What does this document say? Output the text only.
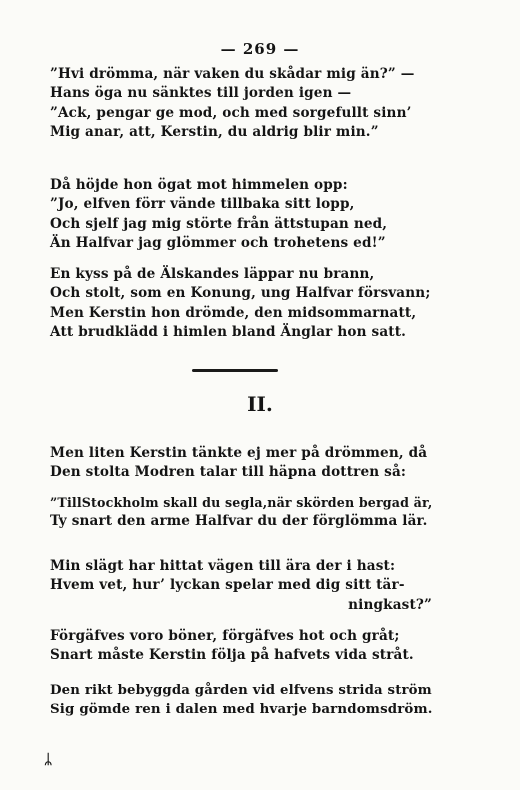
— 269 —
”Hvi drömma, när vaken du skådar mig än?” —
Hans öga nu sänktes till jorden igen —
”Ack, pengar ge mod, och med sorgefullt sinn’
Mig anar, att, Kerstin, du aldrig blir min.”
Då höjde hon ögat mot himmelen opp:
”Jo, elfven förr vände tillbaka sitt lopp,
Och sjelf jag mig störte från ättstupan ned,
Än Halfvar jag glömmer och trohetens ed!”
En kyss på de Älskandes läppar nu brann,
Och stolt, som en Konung, ung Halfvar försvann;
Men Kerstin hon drömde, den midsommarnatt,
Att brudklädd i himlen bland Änglar hon satt.
II.
Men liten Kerstin tänkte ej mer på drömmen, då
Den stolta Modren talar till häpna dottren så:
”TillStockholm skall du segla,när skörden bergad är,
Ty snart den arme Halfvar du der förglömma lär.
Min slägt har hittat vägen till ära der i hast:
Hvem vet, hur’ lyckan spelar med dig sitt tär-
ningkast?”
Förgäfves voro böner, förgäfves hot och gråt;
Snart måste Kerstin följa på hafvets vida stråt.
Den rikt bebyggda gården vid elfvens strida ström
Sig gömde ren i dalen med hvarje barndomsdröm.
ᛦ
